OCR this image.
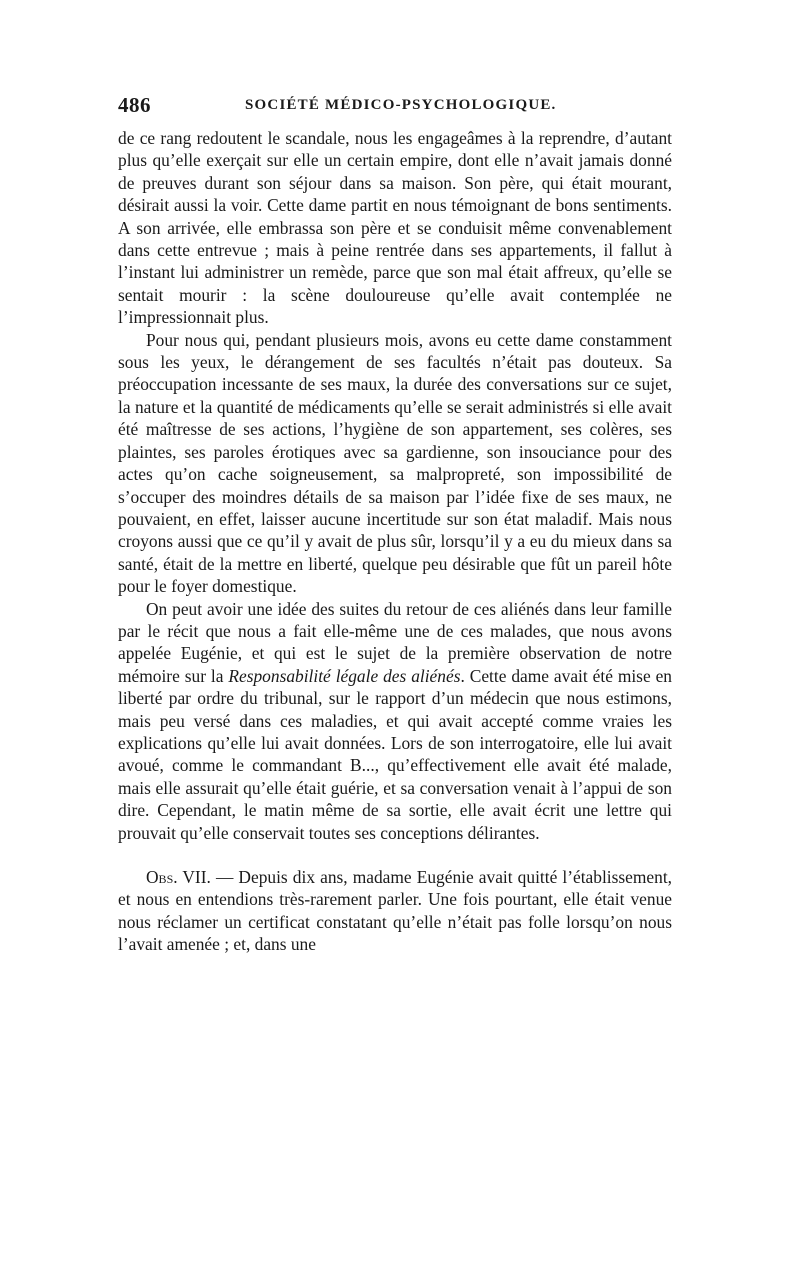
486	SOCIÉTÉ MÉDICO-PSYCHOLOGIQUE.

de ce rang redoutent le scandale, nous les engageâmes à la reprendre, d’autant plus qu’elle exerçait sur elle un certain empire, dont elle n’avait jamais donné de preuves durant son séjour dans sa maison. Son père, qui était mourant, désirait aussi la voir. Cette dame partit en nous témoignant de bons sentiments. A son arrivée, elle embrassa son père et se conduisit même convenablement dans cette entrevue ; mais à peine rentrée dans ses appartements, il fallut à l’instant lui administrer un remède, parce que son mal était affreux, qu’elle se sentait mourir : la scène douloureuse qu’elle avait contemplée ne l’impressionnait plus.

Pour nous qui, pendant plusieurs mois, avons eu cette dame constamment sous les yeux, le dérangement de ses facultés n’était pas douteux. Sa préoccupation incessante de ses maux, la durée des conversations sur ce sujet, la nature et la quantité de médicaments qu’elle se serait administrés si elle avait été maîtresse de ses actions, l’hygiène de son appartement, ses colères, ses plaintes, ses paroles érotiques avec sa gardienne, son insouciance pour des actes qu’on cache soigneusement, sa malpropreté, son impossibilité de s’occuper des moindres détails de sa maison par l’idée fixe de ses maux, ne pouvaient, en effet, laisser aucune incertitude sur son état maladif. Mais nous croyons aussi que ce qu’il y avait de plus sûr, lorsqu’il y a eu du mieux dans sa santé, était de la mettre en liberté, quelque peu désirable que fût un pareil hôte pour le foyer domestique.

On peut avoir une idée des suites du retour de ces aliénés dans leur famille par le récit que nous a fait elle-même une de ces malades, que nous avons appelée Eugénie, et qui est le sujet de la première observation de notre mémoire sur la Responsabilité légale des aliénés. Cette dame avait été mise en liberté par ordre du tribunal, sur le rapport d’un médecin que nous estimons, mais peu versé dans ces maladies, et qui avait accepté comme vraies les explications qu’elle lui avait données. Lors de son interrogatoire, elle lui avait avoué, comme le commandant B..., qu’effectivement elle avait été malade, mais elle assurait qu’elle était guérie, et sa conversation venait à l’appui de son dire. Cependant, le matin même de sa sortie, elle avait écrit une lettre qui prouvait qu’elle conservait toutes ses conceptions délirantes.

Obs. VII. — Depuis dix ans, madame Eugénie avait quitté l’établissement, et nous en entendions très-rarement parler. Une fois pourtant, elle était venue nous réclamer un certificat constatant qu’elle n’était pas folle lorsqu’on nous l’avait amenée ; et, dans une
